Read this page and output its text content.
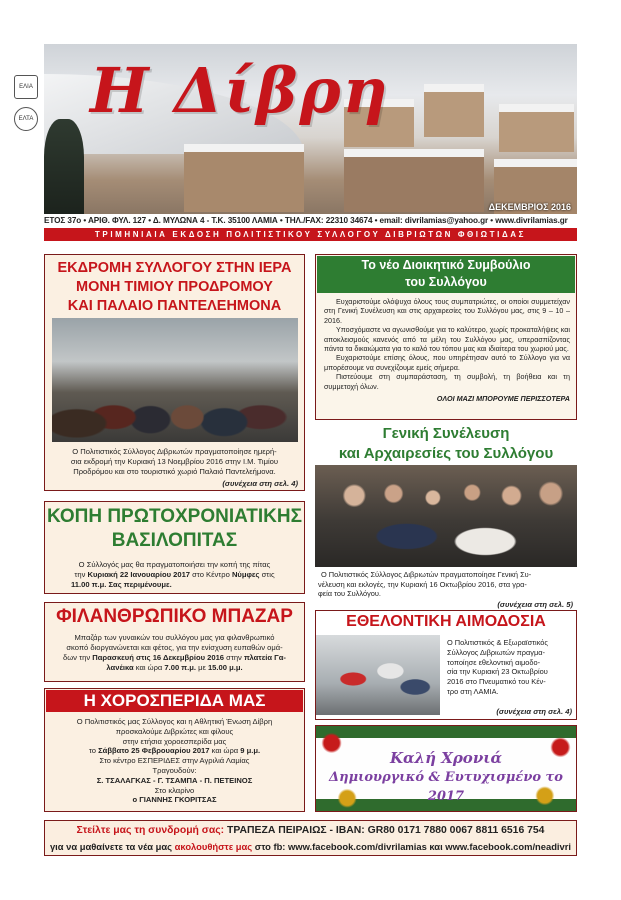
ΕΛΙΑ
ΕΛΤΑ Η Δίβρη
ΔΕΚΕΜΒΡΙΟΣ 2016
ΕΤΟΣ 37ο • ΑΡΙΘ. ΦΥΛ. 127 • Δ. ΜΥΛΩΝΑ 4 - Τ.Κ. 35100 ΛΑΜΙΑ • ΤΗΛ./FAX: 22310 34674 • email: divrilamias@yahoo.gr • www.divrilamias.gr
ΤΡΙΜΗΝΙΑΙΑ ΕΚΔΟΣΗ ΠΟΛΙΤΙΣΤΙΚΟΥ ΣΥΛΛΟΓΟΥ ΔΙΒΡΙΩΤΩΝ ΦΘΙΩΤΙΔΑΣ
ΕΚΔΡΟΜΗ ΣΥΛΛΟΓΟΥ ΣΤΗΝ ΙΕΡΑ
ΜΟΝΗ ΤΙΜΙΟΥ ΠΡΟΔΡΟΜΟΥ
ΚΑΙ ΠΑΛΑΙΟ ΠΑΝΤΕΛΕΗΜΟΝΑ
Ο Πολιτιστικός Σύλλογος Διβριωτών πραγματοποίησε ημερή-
σια εκδρομή την Κυριακή 13 Νοεμβρίου 2016 στην Ι.Μ. Τιμίου
Προδρόμου και στο τουριστικό χωριό Παλαιό Παντελεήμονα.
(συνέχεια στη σελ. 4)
Το νέο Διοικητικό Συμβούλιο
του Συλλόγου
Ευχαριστούμε ολόψυχα όλους τους συμπατριώτες, οι οποίοι συμμετείχαν στη Γενική Συνέλευση και στις αρχαιρεσίες του Συλλόγου μας, στις 9 – 10 – 2016.
Υποσχόμαστε να αγωνισθούμε για το καλύτερο, χωρίς προκαταλήψεις και αποκλεισμούς κανενός από τα μέλη του Συλλόγου μας, υπερασπίζοντας πάντα τα δικαιώματα για το καλό του τόπου μας και ιδιαίτερα του χωριού μας.
Ευχαριστούμε επίσης όλους, που υπηρέτησαν αυτό το Σύλλογο για να μπορέσουμε να συνεχίζουμε εμείς σήμερα.
Πιστεύουμε στη συμπαράσταση, τη συμβολή, τη βοήθεια και τη συμμετοχή όλων.
ΟΛΟΙ ΜΑΖΙ ΜΠΟΡΟΥΜΕ ΠΕΡΙΣΣΟΤΕΡΑ
Γενική Συνέλευση
και Αρχαιρεσίες του Συλλόγου
Ο Πολιτιστικός Σύλλογος Διβριωτών πραγματοποίησε Γενική Συ-
νέλευση και εκλογές, την Κυριακή 16 Οκτωβρίου 2016, στα γρα-
φεία του Συλλόγου.
(συνέχεια στη σελ. 5)
ΚΟΠΗ ΠΡΩΤΟΧΡΟΝΙΑΤΙΚΗΣ
ΒΑΣΙΛΟΠΙΤΑΣ
Ο Σύλλογός μας θα πραγματοποιήσει την κοπή της πίτας
την Κυριακή 22 Ιανουαρίου 2017 στο Κέντρο Νύμφες στις
11.00 π.μ. Σας περιμένουμε.
ΦΙΛΑΝΘΡΩΠΙΚΟ ΜΠΑΖΑΡ
Μπαζάρ των γυναικών του συλλόγου μας για φιλανθρωπικό
σκοπό διοργανώνεται και φέτος, για την ενίσχυση ευπαθών ομά-
δων την Παρασκευή στις 16 Δεκεμβρίου 2016 στην πλατεία Γα-
λανέικα και ώρα 7.00 π.μ. με 15.00 μ.μ.
Η ΧΟΡΟΣΠΕΡΙΔΑ ΜΑΣ
Ο Πολιτιστικός μας Σύλλογος και η Αθλητική Ένωση Δίβρη
προσκαλούμε Διβριώτες και φίλους
στην ετήσια χοροεσπερίδα μας
το Σάββατο 25 Φεβρουαρίου 2017 και ώρα 9 μ.μ.
Στο κέντρο ΕΣΠΕΡΙΔΕΣ στην Αγριλιά Λαμίας
Τραγουδούν:
Σ. ΤΣΑΛΑΓΚΑΣ - Γ. ΤΣΑΜΠΑ - Π. ΠΕΤΕΙΝΟΣ
Στο κλαρίνο
ο ΓΙΑΝΝΗΣ ΓΚΟΡΙΤΣΑΣ
ΕΘΕΛΟΝΤΙΚΗ ΑΙΜΟΔΟΣΙΑ
Ο Πολιτιστικός & Εξωραϊστικός
Σύλλογος Διβριωτών πραγμα-
τοποίησε εθελοντική αιμοδο-
σία την Κυριακή 23 Οκτωβρίου
2016 στο Πνευματικό του Κέν-
τρο στη ΛΑΜΙΑ.
(συνέχεια στη σελ. 4)
Καλή Χρονιά
Δημιουργικό & Ευτυχισμένο το 2017
Στείλτε μας τη συνδρομή σας: ΤΡΑΠΕΖΑ ΠΕΙΡΑΙΩΣ - IBAN: GR80 0171 7880 0067 8811 6516 754
για να μαθαίνετε τα νέα μας ακολουθήστε μας στο fb: www.facebook.com/divrilamias και www.facebook.com/neadivri
